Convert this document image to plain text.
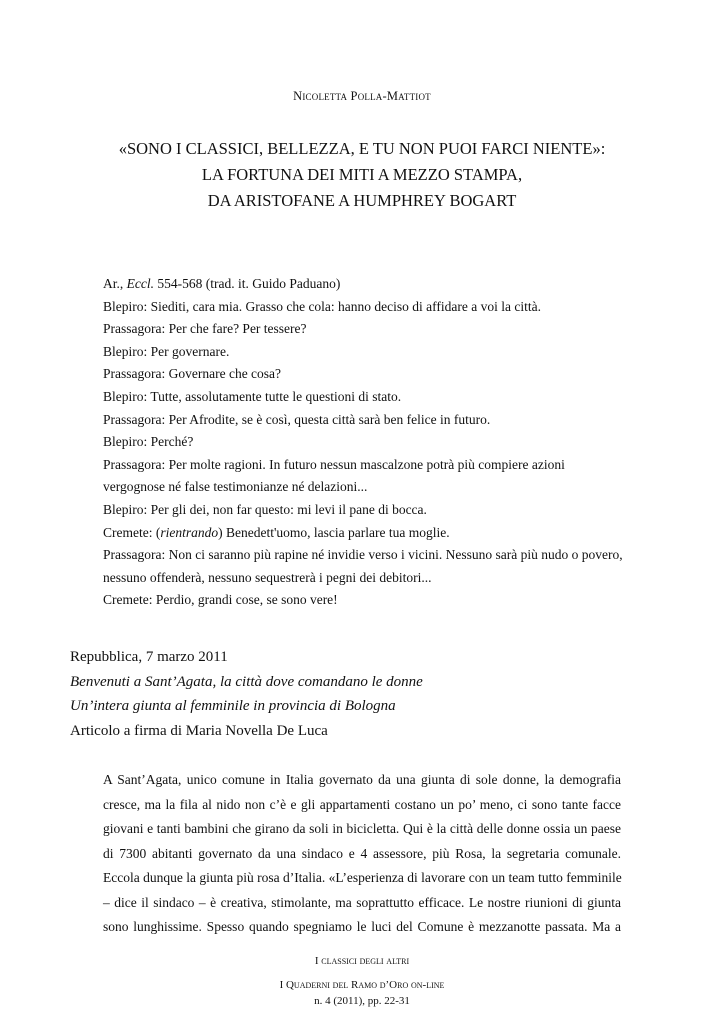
Nicoletta Polla-Mattiot
«SONO I CLASSICI, BELLEZZA, E TU NON PUOI FARCI NIENTE»:
LA FORTUNA DEI MITI A MEZZO STAMPA,
DA ARISTOFANE A HUMPHREY BOGART
Ar., Eccl. 554-568 (trad. it. Guido Paduano)
Blepiro: Siediti, cara mia. Grasso che cola: hanno deciso di affidare a voi la città.
Prassagora: Per che fare? Per tessere?
Blepiro: Per governare.
Prassagora: Governare che cosa?
Blepiro: Tutte, assolutamente tutte le questioni di stato.
Prassagora: Per Afrodite, se è così, questa città sarà ben felice in futuro.
Blepiro: Perché?
Prassagora: Per molte ragioni. In futuro nessun mascalzone potrà più compiere azioni
vergognose né false testimonianze né delazioni...
Blepiro: Per gli dei, non far questo: mi levi il pane di bocca.
Cremete: (rientrando) Benedett'uomo, lascia parlare tua moglie.
Prassagora: Non ci saranno più rapine né invidie verso i vicini. Nessuno sarà più nudo o povero,
nessuno offenderà, nessuno sequestrerà i pegni dei debitori...
Cremete: Perdio, grandi cose, se sono vere!
Repubblica, 7 marzo 2011
Benvenuti a Sant’Agata, la città dove comandano le donne
Un’intera giunta al femminile in provincia di Bologna
Articolo a firma di Maria Novella De Luca
A Sant’Agata, unico comune in Italia governato da una giunta di sole donne, la demografia
cresce, ma la fila al nido non c’è e gli appartamenti costano un po’ meno, ci sono tante facce
giovani e tanti bambini che girano da soli in bicicletta. Qui è la città delle donne ossia un paese
di 7300 abitanti governato da una sindaco e 4 assessore, più Rosa, la segretaria comunale.
Eccola dunque la giunta più rosa d’Italia. «L’esperienza di lavorare con un team tutto femminile
– dice il sindaco – è creativa, stimolante, ma soprattutto efficace. Le nostre riunioni di giunta
sono lunghissime. Spesso quando spegniamo le luci del Comune è mezzanotte passata. Ma a
I classici degli altri
I Quaderni del Ramo d’Oro on-line
n. 4 (2011), pp. 22-31
